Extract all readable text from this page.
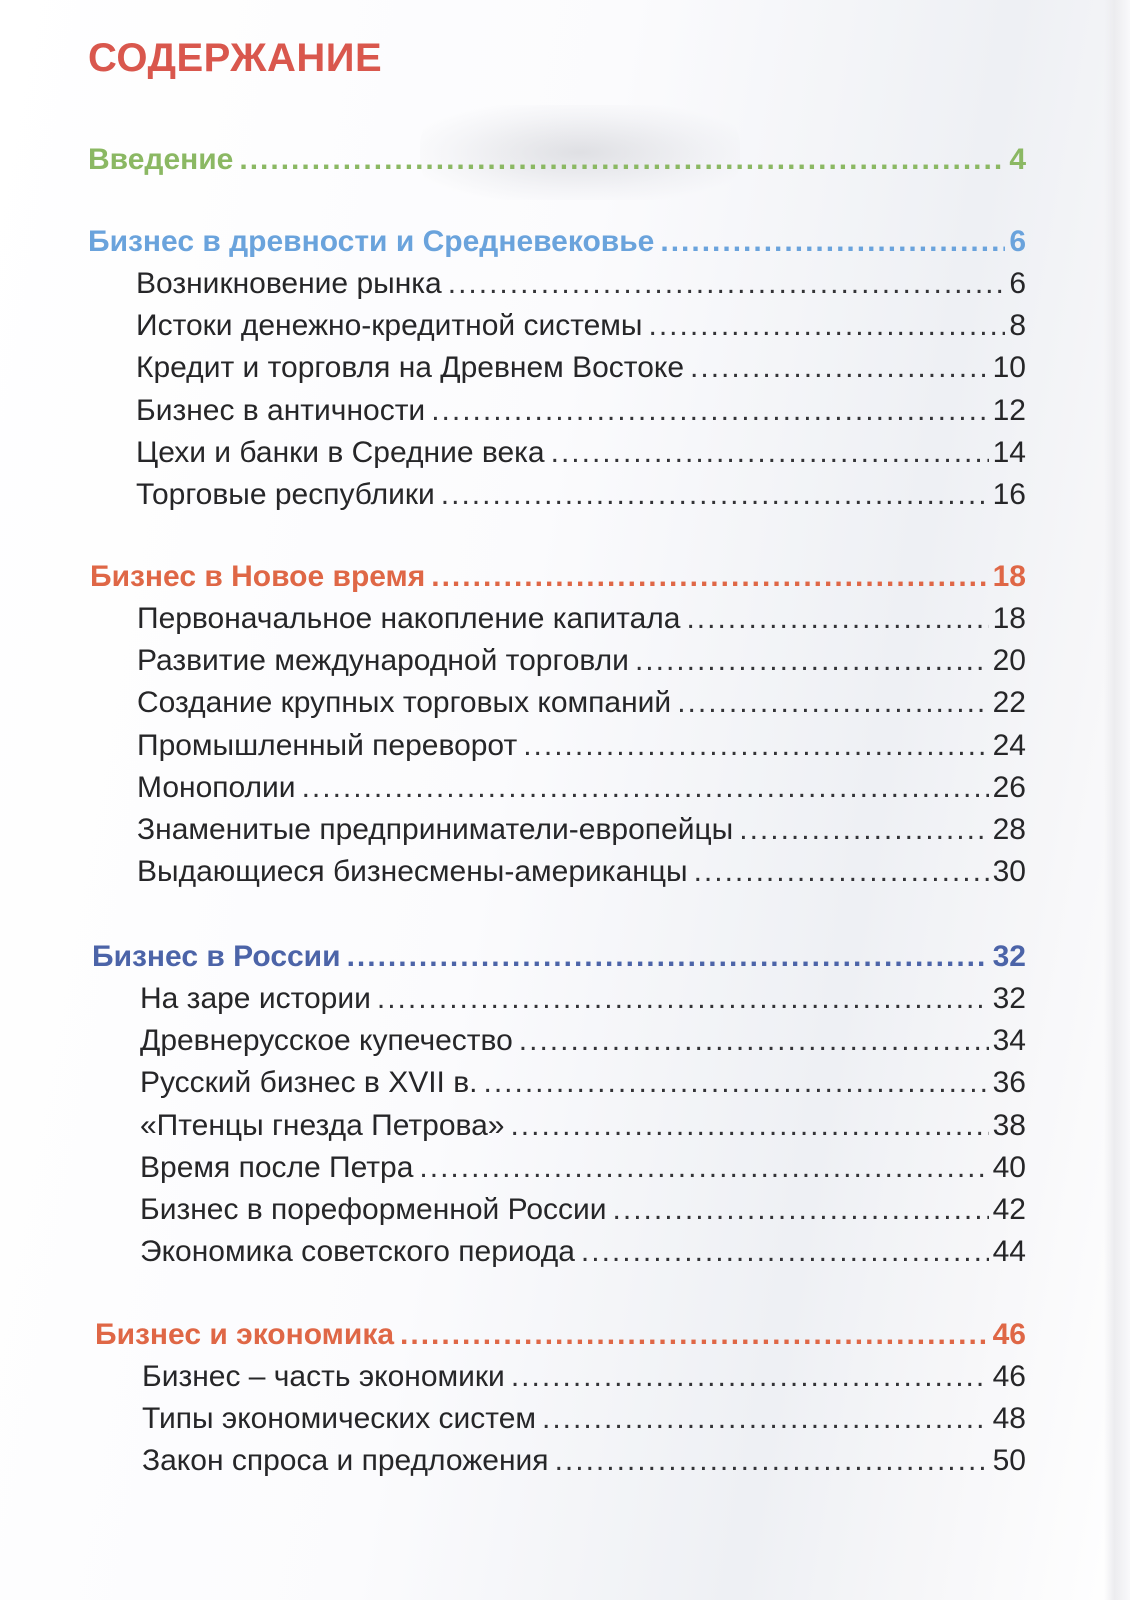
СОДЕРЖАНИЕ
Введение .....	4
Бизнес в древности и Средневековье .....	6
Возникновение рынка .....	6
Истоки денежно-кредитной системы .....	8
Кредит и торговля на Древнем Востоке .....	10
Бизнес в античности .....	12
Цехи и банки в Средние века .....	14
Торговые республики .....	16
Бизнес в Новое время .....	18
Первоначальное накопление капитала .....	18
Развитие международной торговли .....	20
Создание крупных торговых компаний .....	22
Промышленный переворот .....	24
Монополии .....	26
Знаменитые предприниматели-европейцы .....	28
Выдающиеся бизнесмены-американцы .....	30
Бизнес в России .....	32
На заре истории .....	32
Древнерусское купечество .....	34
Русский бизнес в XVII в. .....	36
«Птенцы гнезда Петрова» .....	38
Время после Петра .....	40
Бизнес в пореформенной России .....	42
Экономика советского периода .....	44
Бизнес и экономика .....	46
Бизнес – часть экономики .....	46
Типы экономических систем .....	48
Закон спроса и предложения .....	50
